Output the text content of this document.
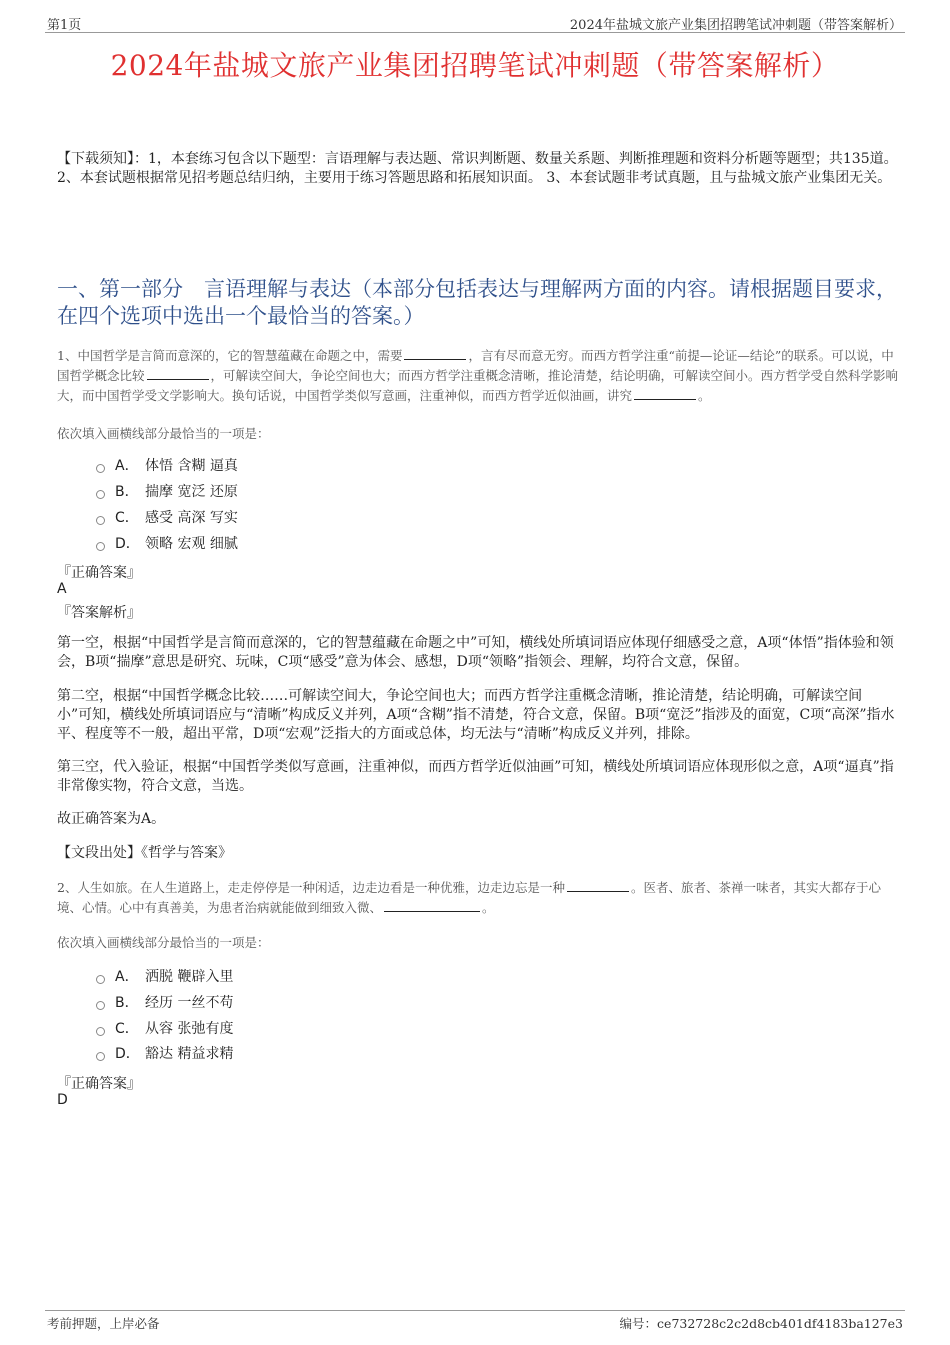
第1页	2024年盐城文旅产业集团招聘笔试冲刺题（带答案解析）
2024年盐城文旅产业集团招聘笔试冲刺题（带答案解析）
【下载须知】：1，本套练习包含以下题型：言语理解与表达题、常识判断题、数量关系题、判断推理题和资料分析题等题型；共135道。 2、本套试题根据常见招考题总结归纳，主要用于练习答题思路和拓展知识面。 3、本套试题非考试真题，且与盐城文旅产业集团无关。
一、第一部分　言语理解与表达（本部分包括表达与理解两方面的内容。请根据题目要求，在四个选项中选出一个最恰当的答案。）
1、中国哲学是言简而意深的，它的智慧蕴藏在命题之中，需要	，言有尽而意无穷。而西方哲学注重“前提—论证—结论”的联系。可以说，中国哲学概念比较	，可解读空间大，争论空间也大；而西方哲学注重概念清晰，推论清楚，结论明确，可解读空间小。西方哲学受自然科学影响大，而中国哲学受文学影响大。换句话说，中国哲学类似写意画，注重神似，而西方哲学近似油画，讲究	。
依次填入画横线部分最恰当的一项是：
A． 体悟 含糊 逼真
B． 揣摩 宽泛 还原
C． 感受 高深 写实
D． 领略 宏观 细腻
『正确答案』
A
『答案解析』
第一空，根据“中国哲学是言简而意深的，它的智慧蕴藏在命题之中”可知，横线处所填词语应体现仔细感受之意，A项“体悟”指体验和领会，B项“揣摩”意思是研究、玩味，C项“感受”意为体会、感想，D项“领略”指领会、理解，均符合文意，保留。
第二空，根据“中国哲学概念比较……可解读空间大，争论空间也大；而西方哲学注重概念清晰，推论清楚，结论明确，可解读空间小”可知，横线处所填词语应与“清晰”构成反义并列，A项“含糊”指不清楚，符合文意，保留。B项“宽泛”指涉及的面宽，C项“高深”指水平、程度等不一般，超出平常，D项“宏观”泛指大的方面或总体，均无法与“清晰”构成反义并列，排除。
第三空，代入验证，根据“中国哲学类似写意画，注重神似，而西方哲学近似油画”可知，横线处所填词语应体现形似之意，A项“逼真”指非常像实物，符合文意，当选。
故正确答案为A。
【文段出处】《哲学与答案》
2、人生如旅。在人生道路上，走走停停是一种闲适，边走边看是一种优雅，边走边忘是一种	。医者、旅者、茶禅一味者，其实大都存于心境、心情。心中有真善美，为患者治病就能做到细致入微、	。
依次填入画横线部分最恰当的一项是：
A． 洒脱 鞭辟入里
B． 经历 一丝不苟
C． 从容 张弛有度
D． 豁达 精益求精
『正确答案』
D
考前押题，上岸必备	编号：ce732728c2c2d8cb401df4183ba127e3
